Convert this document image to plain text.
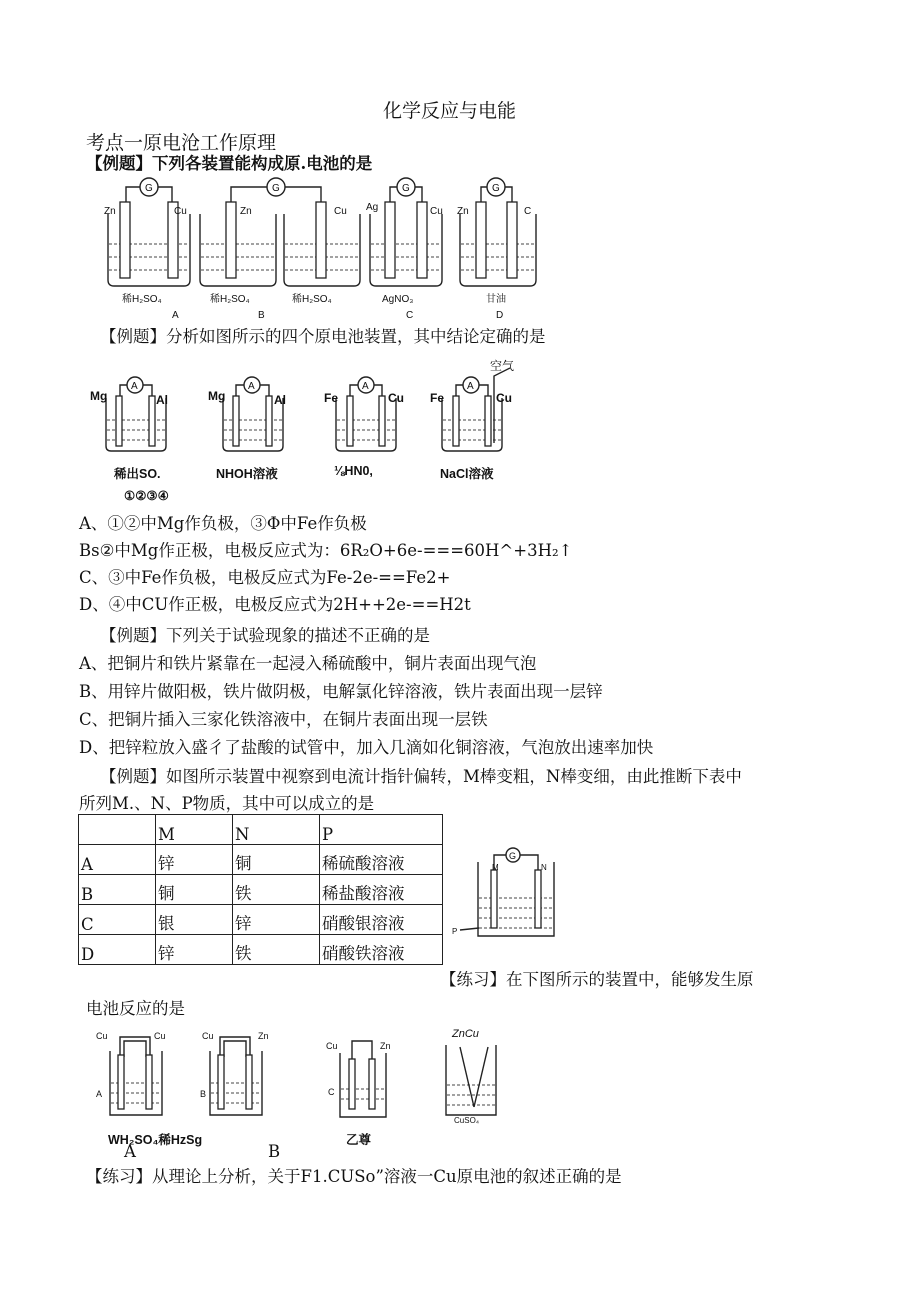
化学反应与电能
考点一原电沧工作原理
【例题】下列各装置能构成原.电池的是
G
Zn	Cu
G
Zn	Cu
G
Ag	Cu
G
Zn	C
稀H₂SO₄	稀H₂SO₄	稀H₂SO₄	AgNO₃	甘油
A	B	C	D
【例题】分析如图所示的四个原电池装置，其中结论定确的是
A
Mg	Al
A
Mg	Al
A
Fe	Cu
A
Fe	Cu
空气
稀出SO.	NHOH溶液	⅛HN0,	NaCl溶液
①②③④
A、①②中Mg作负极，③Φ中Fe作负极
Bs②中Mg作正极，电极反应式为：6R₂O+6e-===60H^+3H₂↑
C、③中Fe作负极，电极反应式为Fe-2e-==Fe2+
D、④中CU作正极，电极反应式为2H++2e-==H2t
【例题】下列关于试验现象的描述不正确的是
A、把铜片和铁片紧靠在一起浸入稀硫酸中，铜片表面出现气泡
B、用锌片做阳极，铁片做阴极，电解氯化锌溶液，铁片表面出现一层锌
C、把铜片插入三家化铁溶液中，在铜片表面出现一层铁
D、把锌粒放入盛彳了盐酸的试管中，加入几滴如化铜溶液，气泡放出速率加快
【例题】如图所示装置中视察到电流计指针偏转，M棒变粗，N棒变细，由此推断下表中
所列M.、N、P物质，其中可以成立的是
	M	N	P
A	锌	铜	稀硫酸溶液
B	铜	铁	稀盐酸溶液
C	银	锌	硝酸银溶液
D	锌	铁	硝酸铁溶液
G
M	N
P
【练习】在下图所示的装置中，能够发生原
电池反应的是
Cu	Cu
A
Cu	Zn
B
Cu	Zn
C
ZnCu
CuSO₄
WH₂SO₄稀HzSg	乙尊
A	B
【练习】从理论上分析，关于F1.CUSo”溶液一Cu原电池的叙述正确的是
